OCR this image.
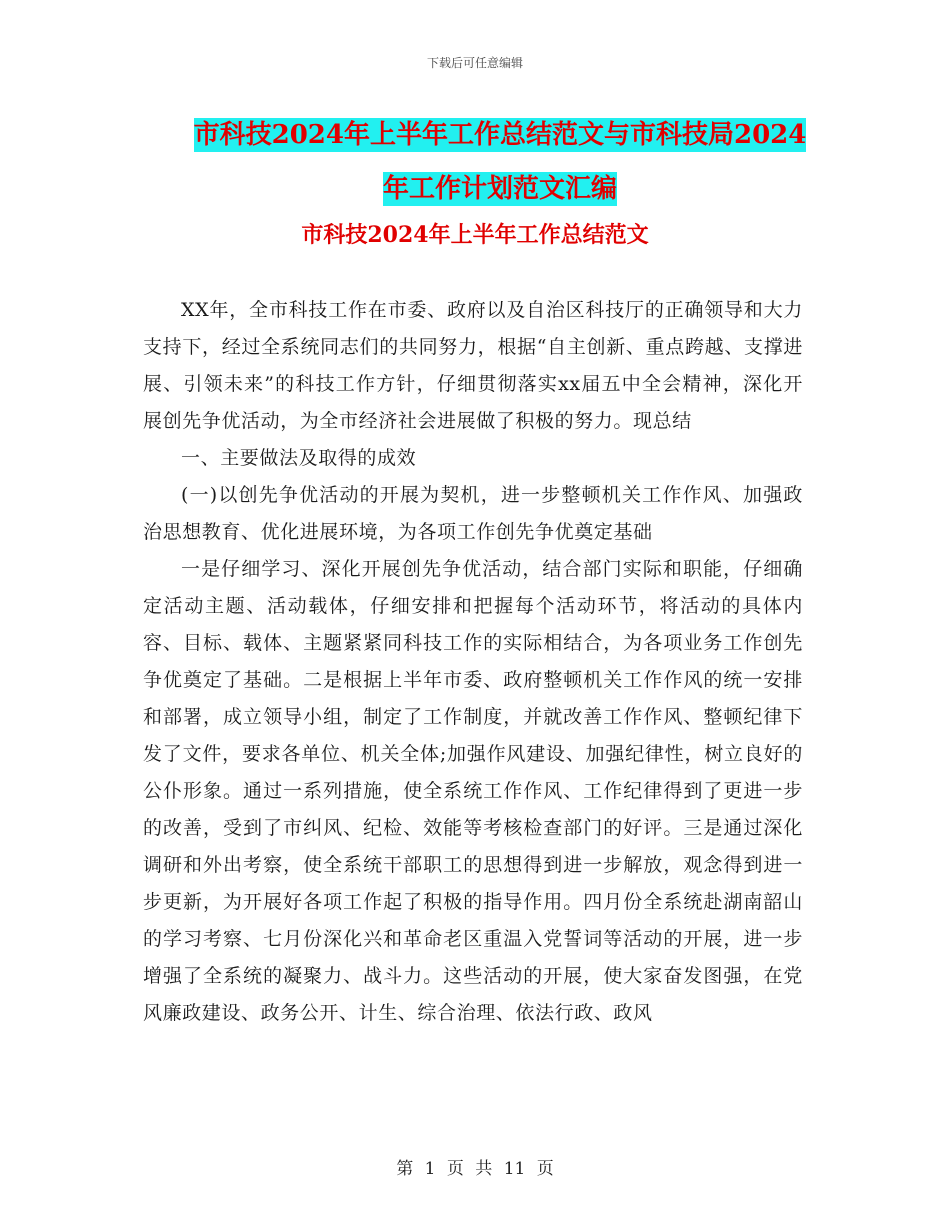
下载后可任意编辑
市科技2024年上半年工作总结范文与市科技局2024
年工作计划范文汇编
市科技2024年上半年工作总结范文

XX年，全市科技工作在市委、政府以及自治区科技厅的正确领导和大力支持下，经过全系统同志们的共同努力，根据“自主创新、重点跨越、支撑进展、引领未来”的科技工作方针，仔细贯彻落实xx届五中全会精神，深化开展创先争优活动，为全市经济社会进展做了积极的努力。现总结

一、主要做法及取得的成效

(一)以创先争优活动的开展为契机，进一步整顿机关工作作风、加强政治思想教育、优化进展环境，为各项工作创先争优奠定基础

一是仔细学习、深化开展创先争优活动，结合部门实际和职能，仔细确定活动主题、活动载体，仔细安排和把握每个活动环节，将活动的具体内容、目标、载体、主题紧紧同科技工作的实际相结合，为各项业务工作创先争优奠定了基础。二是根据上半年市委、政府整顿机关工作作风的统一安排和部署，成立领导小组，制定了工作制度，并就改善工作作风、整顿纪律下发了文件，要求各单位、机关全体;加强作风建设、加强纪律性，树立良好的公仆形象。通过一系列措施，使全系统工作作风、工作纪律得到了更进一步的改善，受到了市纠风、纪检、效能等考核检查部门的好评。三是通过深化调研和外出考察，使全系统干部职工的思想得到进一步解放，观念得到进一步更新，为开展好各项工作起了积极的指导作用。四月份全系统赴湖南韶山的学习考察、七月份深化兴和革命老区重温入党誓词等活动的开展，进一步增强了全系统的凝聚力、战斗力。这些活动的开展，使大家奋发图强，在党风廉政建设、政务公开、计生、综合治理、依法行政、政风

第 1 页 共 11 页
